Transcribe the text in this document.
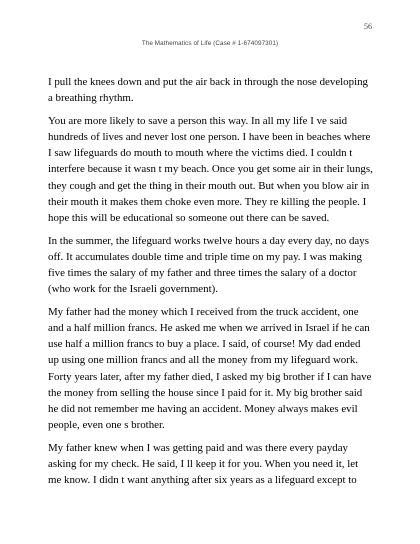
56
The Mathematics of Life (Case # 1-674097301)

I pull the knees down and put the air back in through the nose developing a breathing rhythm.

You are more likely to save a person this way. In all my life I ve said hundreds of lives and never lost one person. I have been in beaches where I saw lifeguards do mouth to mouth where the victims died. I couldn t interfere because it wasn t my beach. Once you get some air in their lungs, they cough and get the thing in their mouth out. But when you blow air in their mouth it makes them choke even more. They re killing the people. I hope this will be educational so someone out there can be saved.

In the summer, the lifeguard works twelve hours a day every day, no days off. It accumulates double time and triple time on my pay. I was making five times the salary of my father and three times the salary of a doctor (who work for the Israeli government).

My father had the money which I received from the truck accident, one and a half million francs. He asked me when we arrived in Israel if he can use half a million francs to buy a place. I said, of course! My dad ended up using one million francs and all the money from my lifeguard work. Forty years later, after my father died, I asked my big brother if I can have the money from selling the house since I paid for it. My big brother said he did not remember me having an accident. Money always makes evil people, even one s brother.

My father knew when I was getting paid and was there every payday asking for my check. He said, I ll keep it for you. When you need it, let me know. I didn t want anything after six years as a lifeguard except to
